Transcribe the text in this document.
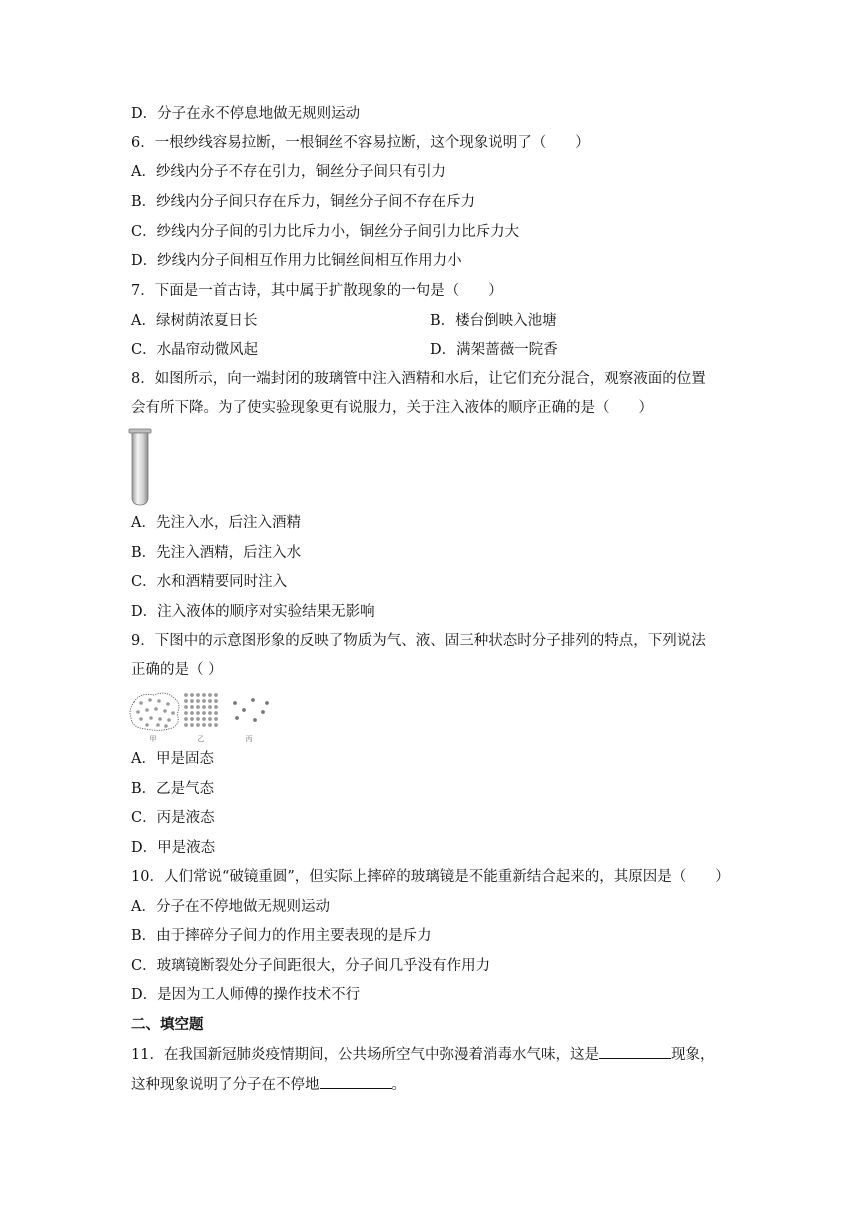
D．分子在永不停息地做无规则运动
6．一根纱线容易拉断，一根铜丝不容易拉断，这个现象说明了（　　）
A．纱线内分子不存在引力，铜丝分子间只有引力
B．纱线内分子间只存在斥力，铜丝分子间不存在斥力
C．纱线内分子间的引力比斥力小，铜丝分子间引力比斥力大
D．纱线内分子间相互作用力比铜丝间相互作用力小
7．下面是一首古诗，其中属于扩散现象的一句是（　　）
A．绿树荫浓夏日长	B．楼台倒映入池塘
C．水晶帘动微风起	D．满架蔷薇一院香
8．如图所示，向一端封闭的玻璃管中注入酒精和水后，让它们充分混合，观察液面的位置
会有所下降。为了使实验现象更有说服力，关于注入液体的顺序正确的是（　　）
A．先注入水，后注入酒精
B．先注入酒精，后注入水
C．水和酒精要同时注入
D．注入液体的顺序对实验结果无影响
9．下图中的示意图形象的反映了物质为气、液、固三种状态时分子排列的特点，下列说法
正确的是（ ）
甲	乙	丙
A．甲是固态
B．乙是气态
C．丙是液态
D．甲是液态
10．人们常说“破镜重圆”，但实际上摔碎的玻璃镜是不能重新结合起来的，其原因是（　　）
A．分子在不停地做无规则运动
B．由于摔碎分子间力的作用主要表现的是斥力
C．玻璃镜断裂处分子间距很大，分子间几乎没有作用力
D．是因为工人师傅的操作技术不行
二、填空题
11．在我国新冠肺炎疫情期间，公共场所空气中弥漫着消毒水气味，这是	现象，
这种现象说明了分子在不停地	。
